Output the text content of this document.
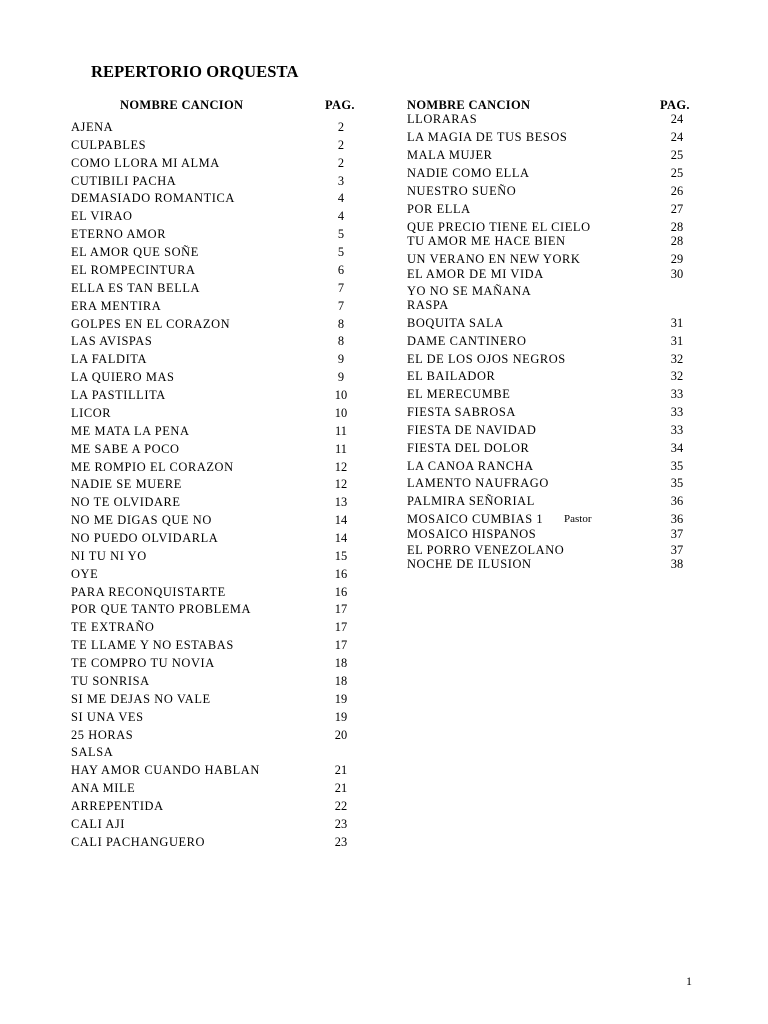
REPERTORIO ORQUESTA
NOMBRE CANCION	PAG.	NOMBRE CANCION	PAG.
AJENA	2
CULPABLES	2
COMO LLORA MI ALMA	2
CUTIBILI PACHA	3
DEMASIADO ROMANTICA	4
EL VIRAO	4
ETERNO AMOR	5
EL AMOR QUE SOÑE	5
EL ROMPECINTURA	6
ELLA ES TAN BELLA	7
ERA MENTIRA	7
GOLPES EN EL CORAZON	8
LAS AVISPAS	8
LA FALDITA	9
LA QUIERO MAS	9
LA PASTILLITA	10
LICOR	10
ME MATA LA PENA	11
ME SABE A POCO	11
ME ROMPIO EL CORAZON	12
NADIE SE MUERE	12
NO TE OLVIDARE	13
NO ME DIGAS QUE NO	14
NO PUEDO OLVIDARLA	14
NI TU NI YO	15
OYE	16
PARA RECONQUISTARTE	16
POR QUE TANTO PROBLEMA	17
TE EXTRAÑO	17
TE LLAME Y NO ESTABAS	17
TE COMPRO TU NOVIA	18
TU SONRISA	18
SI ME DEJAS NO VALE	19
SI UNA VES	19
25 HORAS	20
SALSA
HAY AMOR CUANDO HABLAN	21
ANA MILE	21
ARREPENTIDA	22
CALI AJI	23
CALI PACHANGUERO	23
LLORARAS	24
LA MAGIA DE TUS BESOS	24
MALA MUJER	25
NADIE COMO ELLA	25
NUESTRO SUEÑO	26
POR ELLA	27
QUE PRECIO TIENE EL CIELO	28
TU AMOR ME HACE BIEN	28
UN VERANO EN NEW YORK	29
EL AMOR DE MI VIDA	30
YO NO SE MAÑANA
RASPA
BOQUITA SALA	31
DAME CANTINERO	31
EL DE LOS OJOS NEGROS	32
EL BAILADOR	32
EL MERECUMBE	33
FIESTA SABROSA	33
FIESTA DE NAVIDAD	33
FIESTA DEL DOLOR	34
LA CANOA RANCHA	35
LAMENTO NAUFRAGO	35
PALMIRA SEÑORIAL	36
MOSAICO CUMBIAS 1 Pastor	36
MOSAICO HISPANOS	37
EL PORRO VENEZOLANO	37
NOCHE DE ILUSION	38
1
